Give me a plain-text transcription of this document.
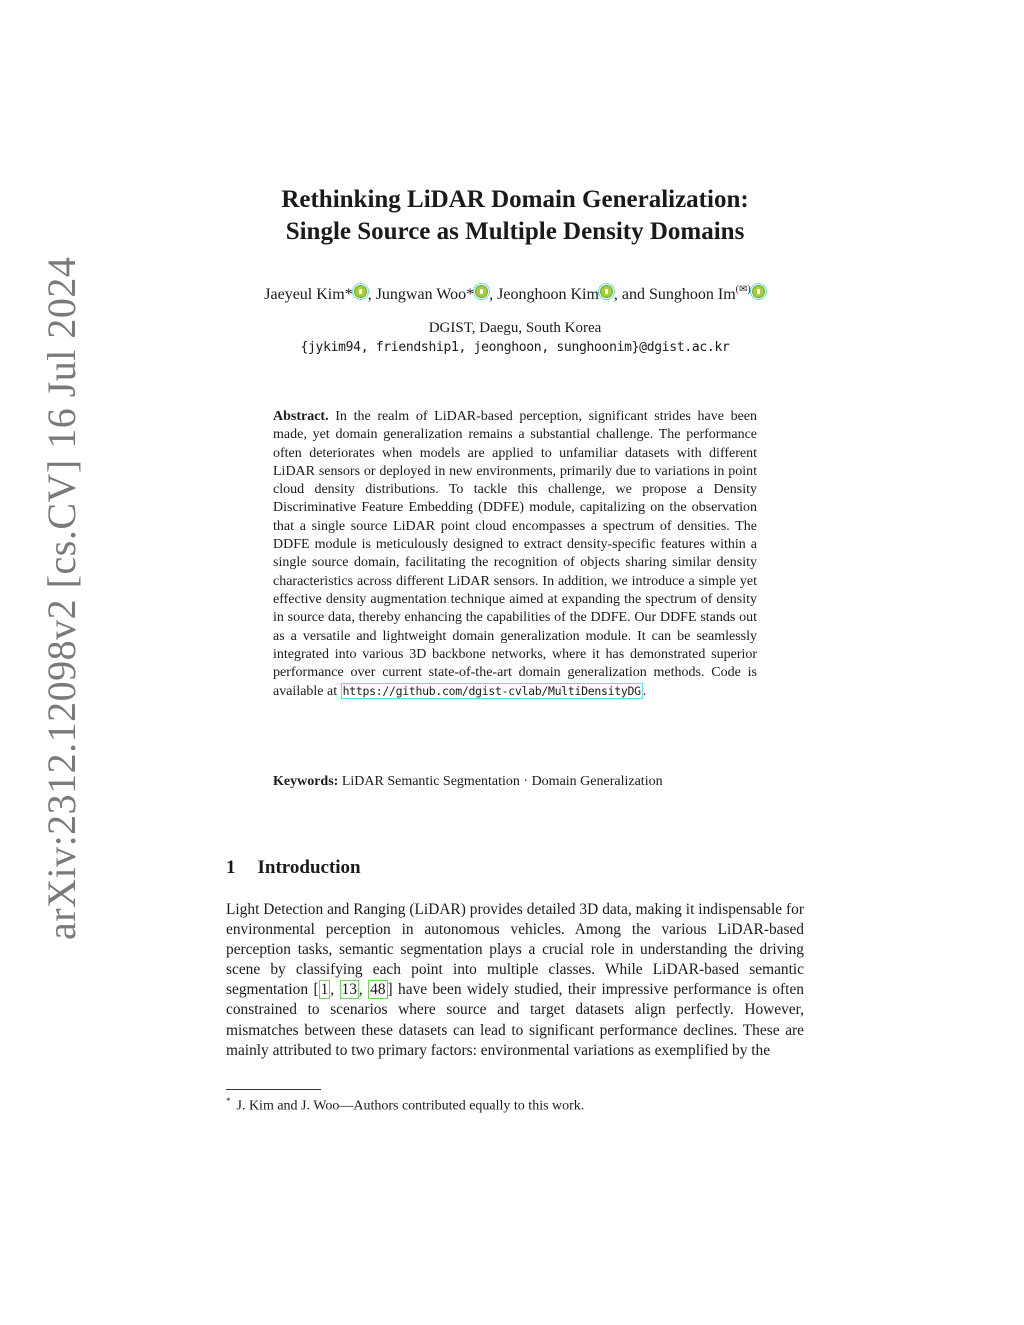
arXiv:2312.12098v2 [cs.CV] 16 Jul 2024
Rethinking LiDAR Domain Generalization:
Single Source as Multiple Density Domains
Jaeyeul Kim* , Jungwan Woo* , Jeonghoon Kim , and Sunghoon Im(✉)
DGIST, Daegu, South Korea
{jykim94, friendship1, jeonghoon, sunghoonim}@dgist.ac.kr
Abstract. In the realm of LiDAR-based perception, significant strides have been made, yet domain generalization remains a substantial challenge. The performance often deteriorates when models are applied to unfamiliar datasets with different LiDAR sensors or deployed in new environments, primarily due to variations in point cloud density distributions. To tackle this challenge, we propose a Density Discriminative Feature Embedding (DDFE) module, capitalizing on the observation that a single source LiDAR point cloud encompasses a spectrum of densities. The DDFE module is meticulously designed to extract density-specific features within a single source domain, facilitating the recognition of objects sharing similar density characteristics across different LiDAR sensors. In addition, we introduce a simple yet effective density augmentation technique aimed at expanding the spectrum of density in source data, thereby enhancing the capabilities of the DDFE. Our DDFE stands out as a versatile and lightweight domain generalization module. It can be seamlessly integrated into various 3D backbone networks, where it has demonstrated superior performance over current state-of-the-art domain generalization methods. Code is available at https://github.com/dgist-cvlab/MultiDensityDG .
Keywords: LiDAR Semantic Segmentation · Domain Generalization
1 Introduction
Light Detection and Ranging (LiDAR) provides detailed 3D data, making it indispensable for environmental perception in autonomous vehicles. Among the various LiDAR-based perception tasks, semantic segmentation plays a crucial role in understanding the driving scene by classifying each point into multiple classes. While LiDAR-based semantic segmentation [ 1 , 13 , 48 ] have been widely studied, their impressive performance is often constrained to scenarios where source and target datasets align perfectly. However, mismatches between these datasets can lead to significant performance declines. These are mainly attributed to two primary factors: environmental variations as exemplified by the
* J. Kim and J. Woo—Authors contributed equally to this work.
